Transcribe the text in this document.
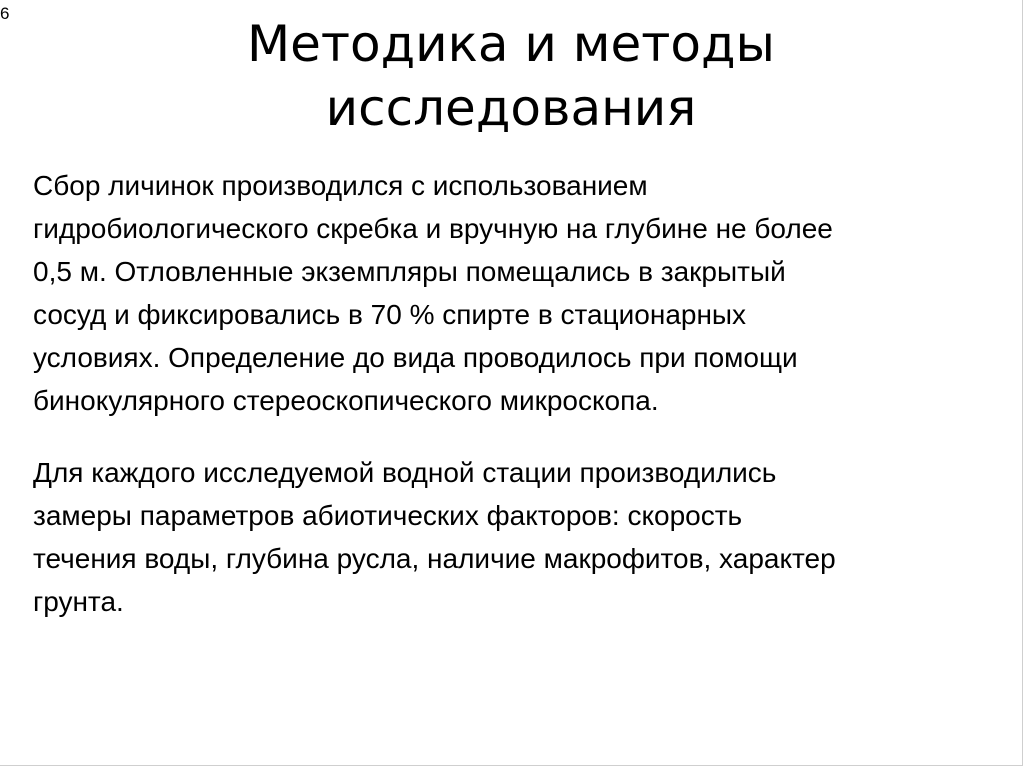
6
Методика и методы
исследования

Сбор личинок производился с использованием
гидробиологического скребка и вручную на глубине не более
0,5 м. Отловленные экземпляры помещались в закрытый
сосуд и фиксировались в 70 % спирте в стационарных
условиях. Определение до вида проводилось при помощи
бинокулярного стереоскопического микроскопа.

Для каждого исследуемой водной стации производились
замеры параметров абиотических факторов: скорость
течения воды, глубина русла, наличие макрофитов, характер
грунта.
